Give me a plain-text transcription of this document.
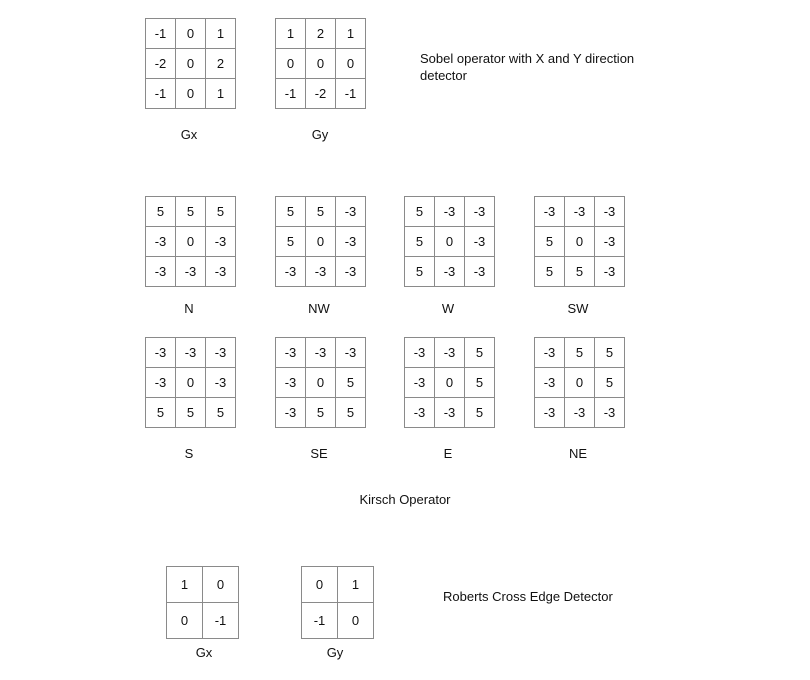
-1	0	1
-2	0	2
-1	0	1
1	2	1
0	0	0
-1	-2	-1
Gx	Gy
Sobel operator with X and Y direction
detector
5	5	5
-3	0	-3
-3	-3	-3
N
5	5	-3
5	0	-3
-3	-3	-3
NW
5	-3	-3
5	0	-3
5	-3	-3
W
-3	-3	-3
5	0	-3
5	5	-3
SW
-3	-3	-3
-3	0	-3
5	5	5
S
-3	-3	-3
-3	0	5
-3	5	5
SE
-3	-3	5
-3	0	5
-3	-3	5
E
-3	5	5
-3	0	5
-3	-3	-3
NE
Kirsch Operator
1	0
0	-1
0	1
-1	0
Gx	Gy
Roberts Cross Edge Detector
